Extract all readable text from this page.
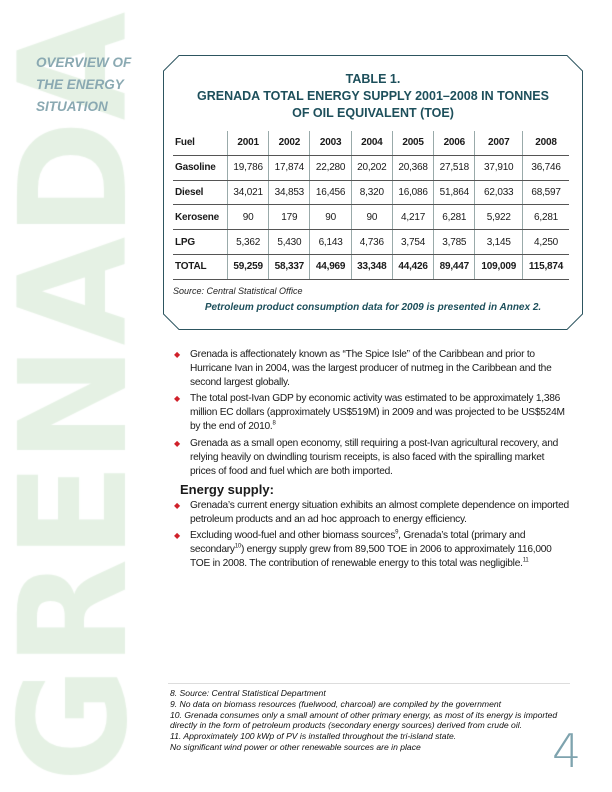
OVERVIEW OF
THE ENERGY
SITUATION
TABLE 1.
GRENADA TOTAL ENERGY SUPPLY 2001–2008 IN TONNES
OF OIL EQUIVALENT (TOE)
Fuel	2001	2002	2003	2004	2005	2006	2007	2008
Gasoline	19,786	17,874	22,280	20,202	20,368	27,518	37,910	36,746
Diesel	34,021	34,853	16,456	8,320	16,086	51,864	62,033	68,597
Kerosene	90	179	90	90	4,217	6,281	5,922	6,281
LPG	5,362	5,430	6,143	4,736	3,754	3,785	3,145	4,250
TOTAL	59,259	58,337	44,969	33,348	44,426	89,447	109,009	115,874
Source: Central Statistical Office
Petroleum product consumption data for 2009 is presented in Annex 2.
◆ Grenada is affectionately known as “The Spice Isle” of the Caribbean and prior to Hurricane Ivan in 2004, was the largest producer of nutmeg in the Caribbean and the second largest globally.
◆ The total post-Ivan GDP by economic activity was estimated to be approximately 1,386 million EC dollars (approximately US$519M) in 2009 and was projected to be US$524M by the end of 2010.$^8$
◆ Grenada as a small open economy, still requiring a post-Ivan agricultural recovery, and relying heavily on dwindling tourism receipts, is also faced with the spiralling market prices of food and fuel which are both imported.
Energy supply:
◆ Grenada’s current energy situation exhibits an almost complete dependence on imported petroleum products and an ad hoc approach to energy efficiency.
◆ Excluding wood-fuel and other biomass sources$^9$, Grenada’s total (primary and secondary$^{10}$) energy supply grew from 89,500 TOE in 2006 to approximately 116,000 TOE in 2008. The contribution of renewable energy to this total was negligible.$^{11}$
8. Source: Central Statistical Department
9. No data on biomass resources (fuelwood, charcoal) are compiled by the government
10. Grenada consumes only a small amount of other primary energy, as most of its energy is imported directly in the form of petroleum products (secondary energy sources) derived from crude oil.
11. Approximately 100 kWp of PV is installed throughout the tri-island state.
No significant wind power or other renewable sources are in place	4
